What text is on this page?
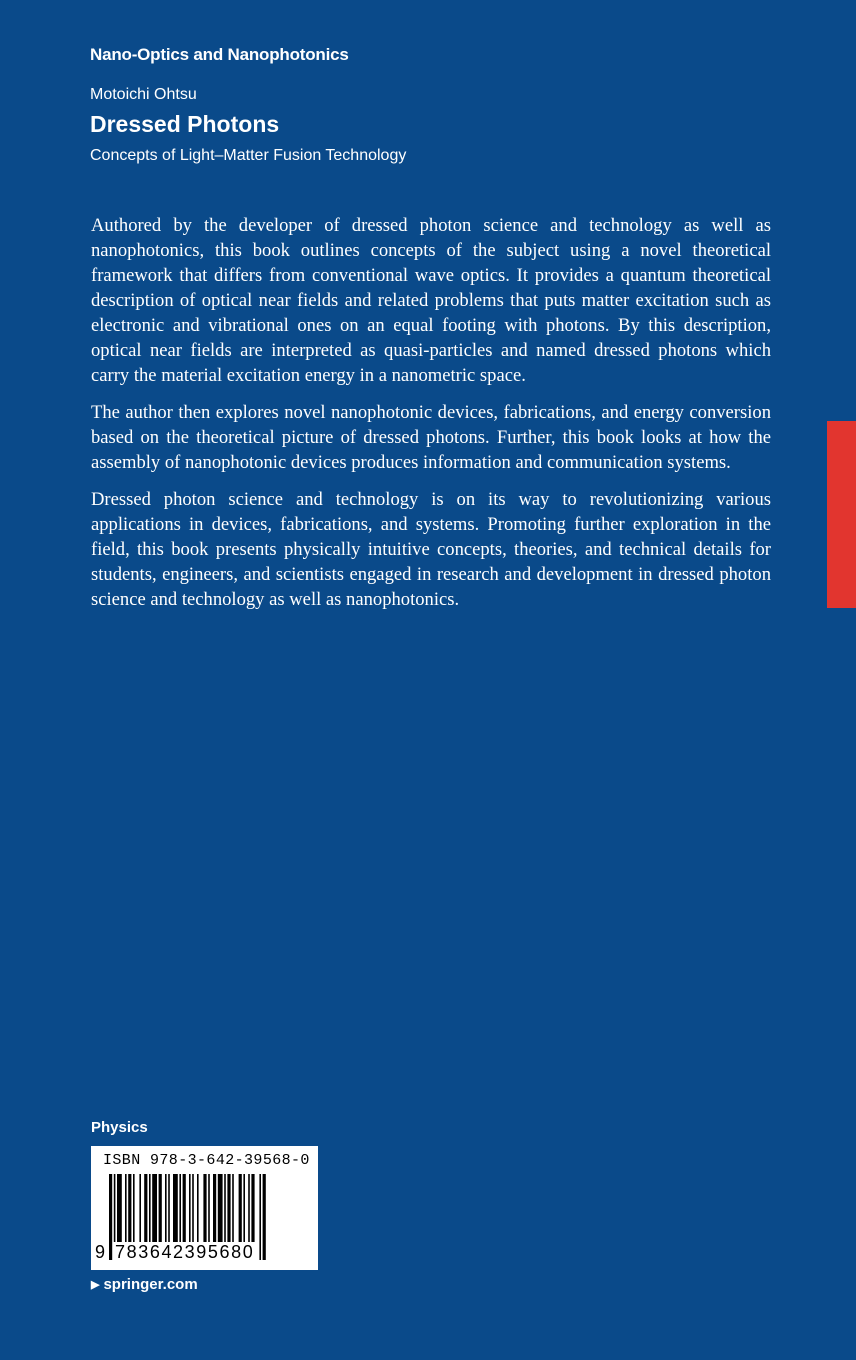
Nano-Optics and Nanophotonics
Motoichi Ohtsu
Dressed Photons
Concepts of Light–Matter Fusion Technology

Authored by the developer of dressed photon science and technology as well as nanophotonics, this book outlines concepts of the subject using a novel theoretical framework that differs from conventional wave optics. It provides a quantum theoretical description of optical near fields and related problems that puts matter excitation such as electronic and vibrational ones on an equal footing with photons. By this description, optical near fields are interpreted as quasi-particles and named dressed photons which carry the material excitation energy in a nanometric space.

The author then explores novel nanophotonic devices, fabrications, and energy conversion based on the theoretical picture of dressed photons. Further, this book looks at how the assembly of nanophotonic devices produces information and communication systems.

Dressed photon science and technology is on its way to revolutionizing various applications in devices, fabrications, and systems. Promoting further exploration in the field, this book presents physically intuitive concepts, theories, and technical details for students, engineers, and scientists engaged in research and development in dressed photon science and technology as well as nanophotonics.

Physics
ISBN 978-3-642-39568-0
9 783642395680
▶ springer.com
